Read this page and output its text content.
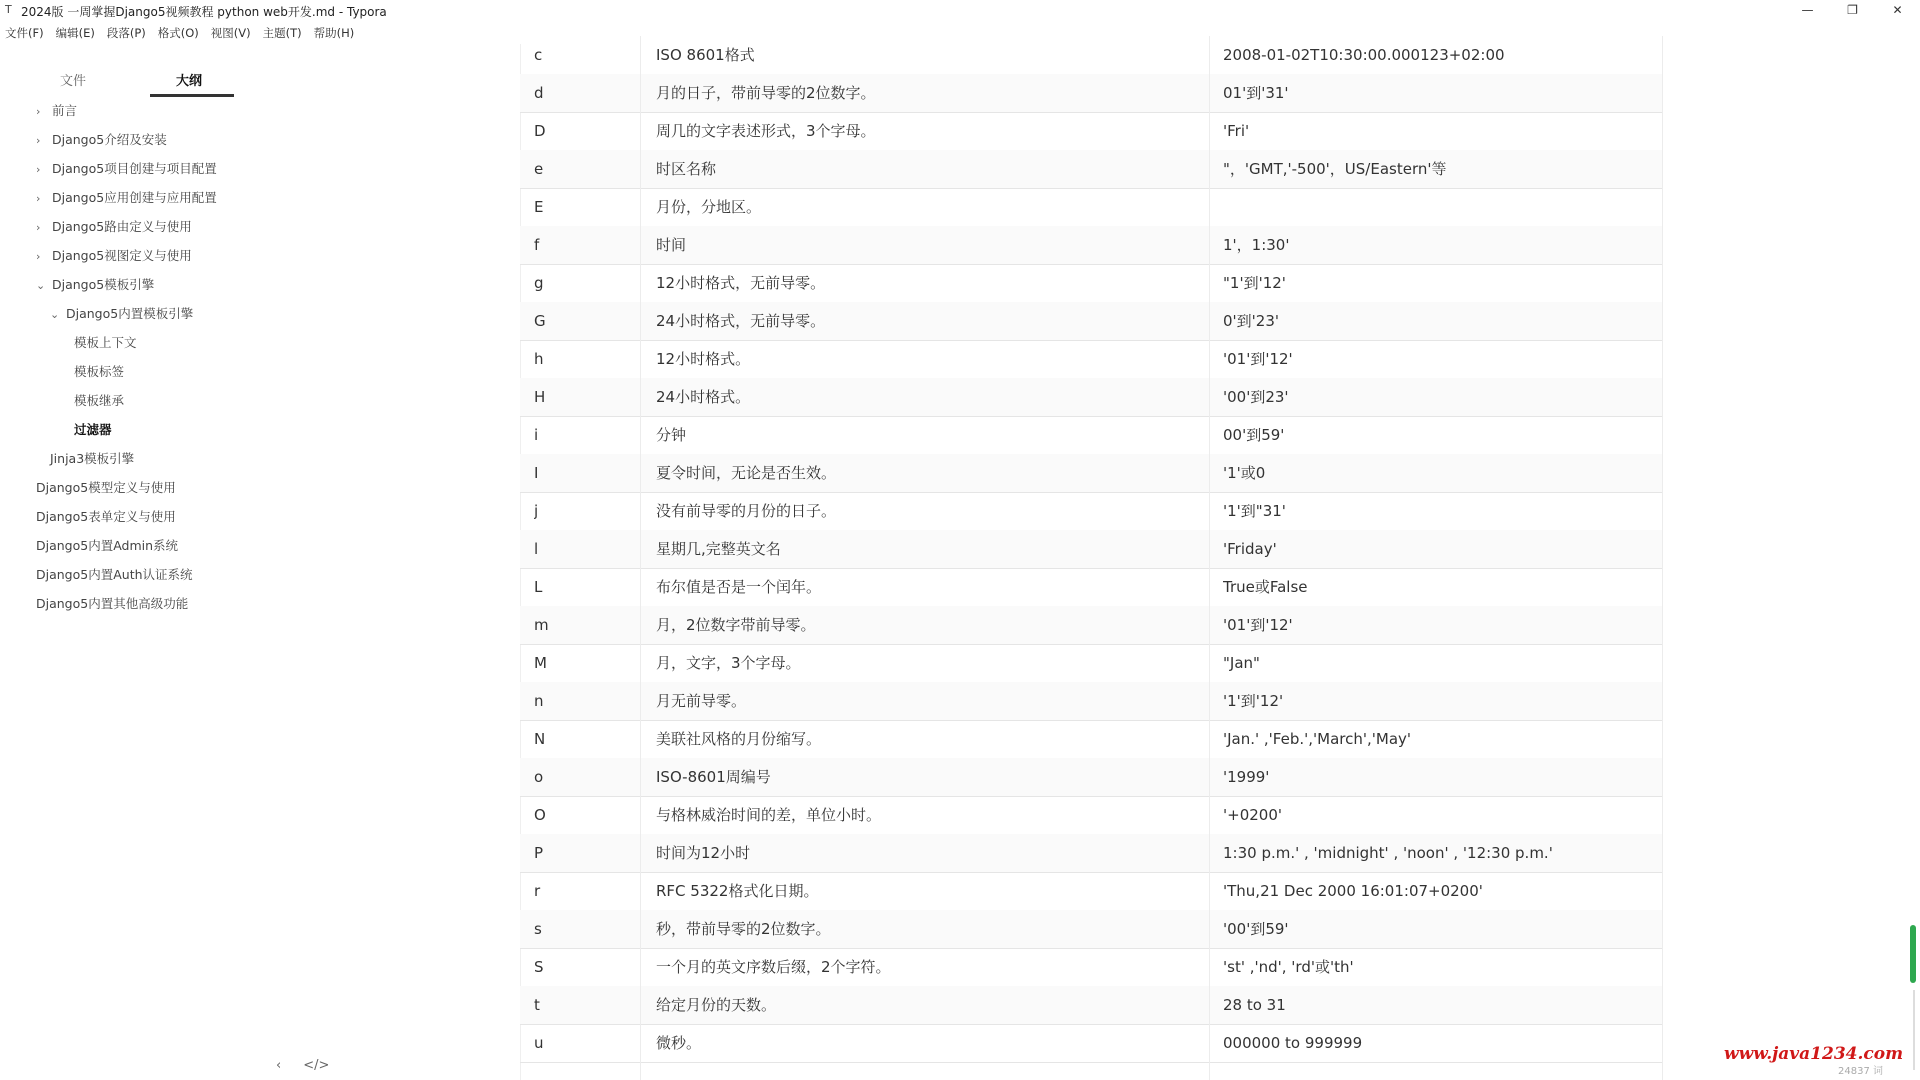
T 2024版 一周掌握Django5视频教程 python web开发.md - Typora	—	❐	✕
文件(F)	编辑(E)	段落(P)	格式(O)	视图(V)	主题(T)	帮助(H)
文件	大纲
› 前言
› Django5介绍及安装
› Django5项目创建与项目配置
› Django5应用创建与应用配置
› Django5路由定义与使用
› Django5视图定义与使用
⌄ Django5模板引擎
⌄ Django5内置模板引擎
模板上下文
模板标签
模板继承
过滤器
Jinja3模板引擎
Django5模型定义与使用
Django5表单定义与使用
Django5内置Admin系统
Django5内置Auth认证系统
Django5内置其他高级功能
‹ </>
c	ISO 8601格式	2008-01-02T10:30:00.000123+02:00
d	月的日子，带前导零的2位数字。	01'到'31'
D	周几的文字表述形式，3个字母。	'Fri'
e	时区名称	"，'GMT,'-500'，US/Eastern'等
E	月份，分地区。
f	时间	1'，1:30'
g	12小时格式，无前导零。	"1'到'12'
G	24小时格式，无前导零。	0'到'23'
h	12小时格式。	'01'到'12'
H	24小时格式。	'00'到23'
i	分钟	00'到59'
I	夏令时间，无论是否生效。	'1'或0
j	没有前导零的月份的日子。	'1'到"31'
l	星期几,完整英文名	'Friday'
L	布尔值是否是一个闰年。	True或False
m	月，2位数字带前导零。	'01'到'12'
M	月，文字，3个字母。	"Jan"
n	月无前导零。	'1'到'12'
N	美联社风格的月份缩写。	'Jan.' ,'Feb.','March','May'
o	ISO-8601周编号	'1999'
O	与格林威治时间的差，单位小时。	'+0200'
P	时间为12小时	1:30 p.m.' , 'midnight' , 'noon' , '12:30 p.m.'
r	RFC 5322格式化日期。	'Thu,21 Dec 2000 16:01:07+0200'
s	秒，带前导零的2位数字。	'00'到59'
S	一个月的英文序数后缀，2个字符。	'st' ,'nd', 'rd'或'th'
t	给定月份的天数。	28 to 31
u	微秒。	000000 to 999999
www.java1234.com
24837 词
